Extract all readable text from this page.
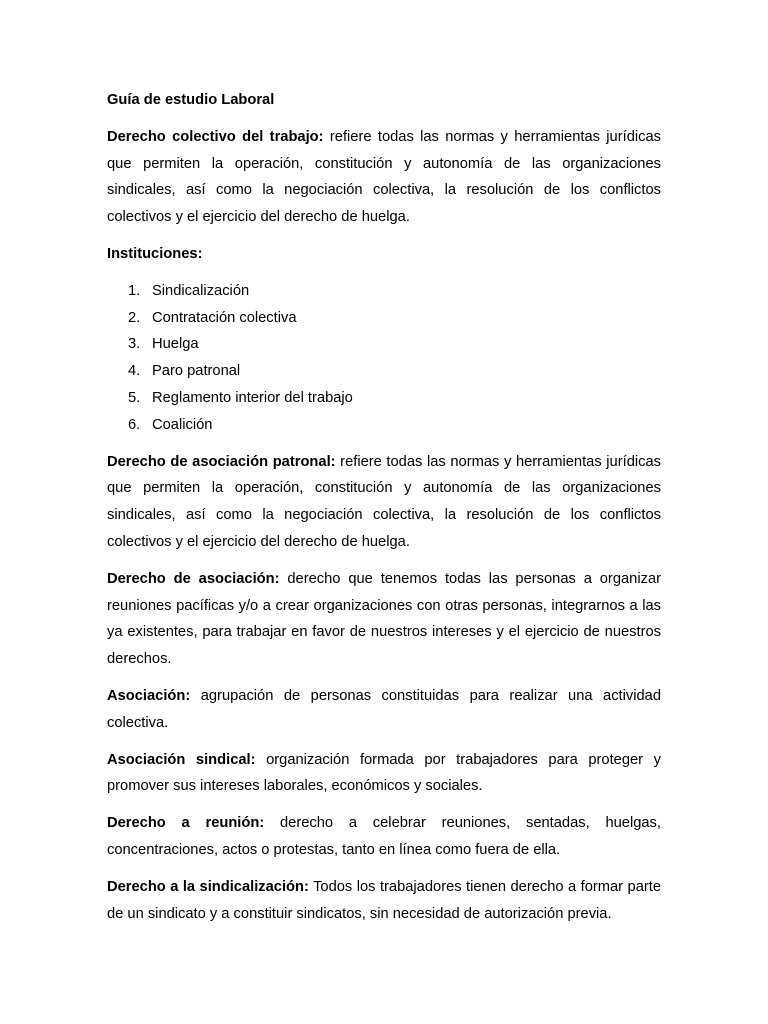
Guía de estudio Laboral

Derecho colectivo del trabajo: refiere todas las normas y herramientas jurídicas que permiten la operación, constitución y autonomía de las organizaciones sindicales, así como la negociación colectiva, la resolución de los conflictos colectivos y el ejercicio del derecho de huelga.

Instituciones:

1. Sindicalización
2. Contratación colectiva
3. Huelga
4. Paro patronal
5. Reglamento interior del trabajo
6. Coalición

Derecho de asociación patronal: refiere todas las normas y herramientas jurídicas que permiten la operación, constitución y autonomía de las organizaciones sindicales, así como la negociación colectiva, la resolución de los conflictos colectivos y el ejercicio del derecho de huelga.

Derecho de asociación: derecho que tenemos todas las personas a organizar reuniones pacíficas y/o a crear organizaciones con otras personas, integrarnos a las ya existentes, para trabajar en favor de nuestros intereses y el ejercicio de nuestros derechos.

Asociación: agrupación de personas constituidas para realizar una actividad colectiva.

Asociación sindical: organización formada por trabajadores para proteger y promover sus intereses laborales, económicos y sociales.

Derecho a reunión: derecho a celebrar reuniones, sentadas, huelgas, concentraciones, actos o protestas, tanto en línea como fuera de ella.

Derecho a la sindicalización: Todos los trabajadores tienen derecho a formar parte de un sindicato y a constituir sindicatos, sin necesidad de autorización previa.
